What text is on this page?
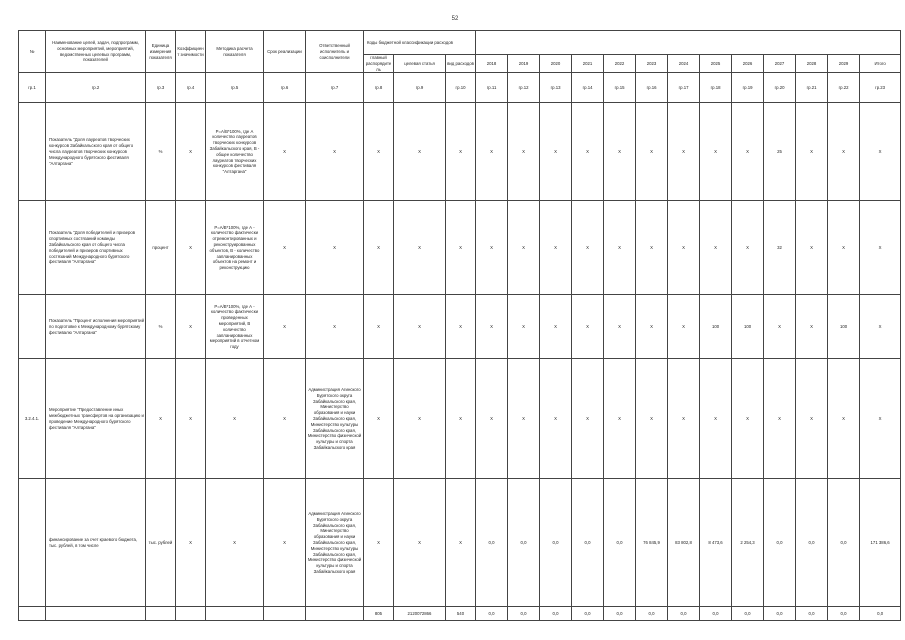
52
№	Наименование целей, задач, подпрограмм, основных мероприятий, мероприятий, ведомственных целевых программ, показателей	Единица измерения показателя	Коэффициент значимости	Методика расчета показателя	Срок реализации	Ответственный исполнитель и соисполнители	Коды бюджетной классификации расходов																
							главный распорядитель	целевая статья	вид расходов	2018	2019	2020	2021	2022	2023	2024	2025	2026	2027	2028	2029	Итого	
гр.1	гр.2	гр.3	гр.4	гр.5	гр.6	гр.7	гр.8	гр.9	гр.10	гр.11	гр.12	гр.13	гр.14	гр.15	гр.16	гр.17	гр.18	гр.19	гр.20	гр.21	гр.22	гр.23	
	Показатель "Доля лауреатов творческих конкурсов Забайкальского края от общего числа лауреатов творческих конкурсов Международного бурятского фестиваля "Алтаргана"	%	Х	Р=А/В*100%, где А количество лауреатов творческих конкурсов Забайкальского края, В - общее количество лауреатов творческих конкурсов фестиваля "Алтаргана"	Х	Х	Х	Х	Х	Х	Х	Х	Х	Х	Х	Х	Х	Х	25	Х	Х	Х	
	Показатель "Доля победителей и призеров спортивных состязаний команды Забайкальского края от общего числа победителей и призеров спортивных состязаний Международного бурятского фестиваля "Алтаргана"	процент	Х	Р=А/В*100%, где А - количество фактически отремонтированных и реконструированных объектов, В - количество запланированных объектов на ремонт и реконструкцию	Х	Х	Х	Х	Х	Х	Х	Х	Х	Х	Х	Х	Х	Х	32	Х	Х	Х	
	Показатель "Процент исполнения мероприятий по подготовке к Международному бурятскому фестивалю "Алтаргана"	%	Х	Р=А/В*100%, где А - количество фактически проведенных мероприятий, В количество запланированных мероприятий в отчетном году	Х	Х	Х	Х	Х	Х	Х	Х	Х	Х	Х	Х	100	100	Х	Х	100	Х	
3.2.4.1.	Мероприятие "Предоставление иных межбюджетных трансфертов на организацию и проведение Международного бурятского фестиваля "Алтаргана"	Х	Х	Х	Х	Администрация Агинского Бурятского округа Забайкальского края, Министерство образования и науки Забайкальского края, Министерство культуры Забайкальского края, Министерство физической культуры и спорта Забайкальского края	Х	Х	Х	Х	Х	Х	Х	Х	Х	Х	Х	Х	Х	Х	Х	Х	
	финансирование за счет краевого бюджета, тыс. рублей, в том числе	тыс. рублей	Х	Х	Х	Администрация Агинского Бурятского округа Забайкальского края, Министерство образования и науки Забайкальского края, Министерство культуры Забайкальского края, Министерство физической культуры и спорта Забайкальского края	Х	Х	Х	0,0	0,0	0,0	0,0	0,0	76 845,9	83 802,8	8 473,6	2 254,3	0,0	0,0	0,0	171 386,6	
							805	2120072866	540	0,0	0,0	0,0	0,0	0,0	0,0	0,0	0,0	0,0	0,0	0,0	0,0	0,0	
